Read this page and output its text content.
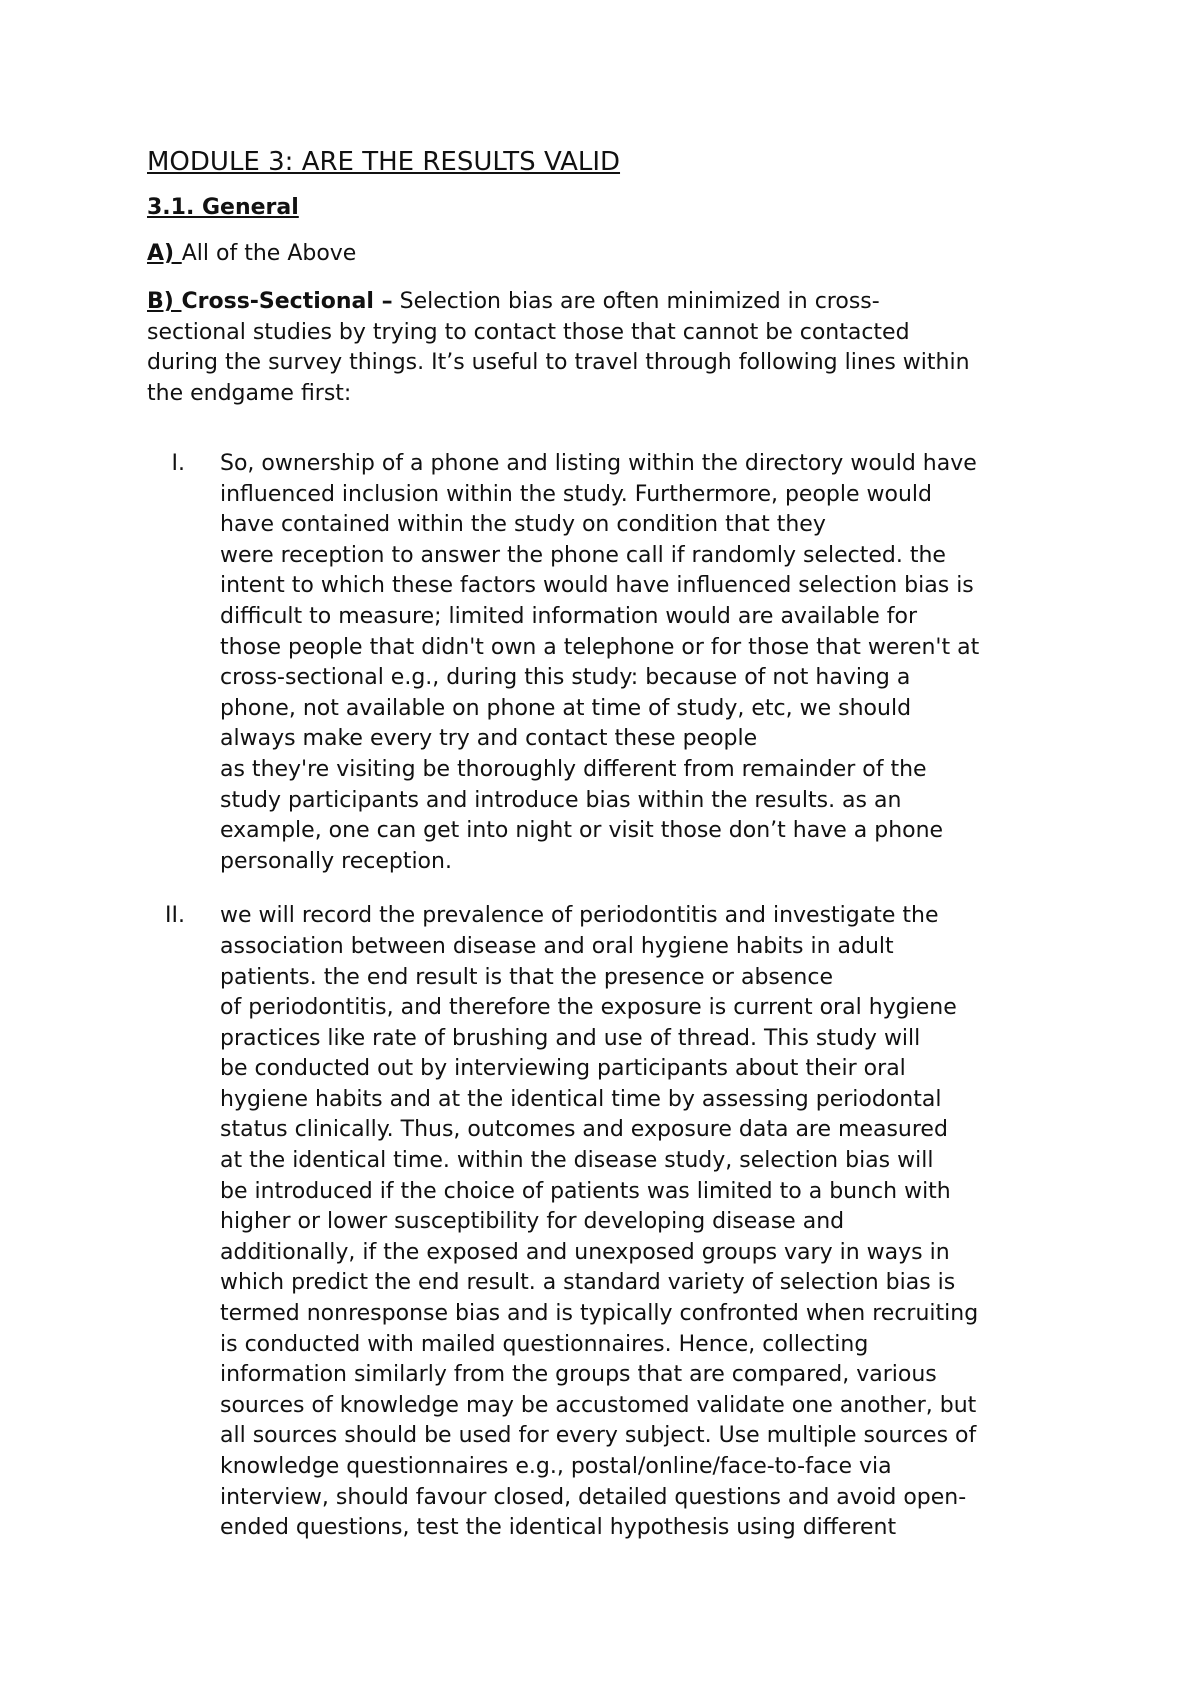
MODULE 3: ARE THE RESULTS VALID

3.1. General

A) All of the Above

B) Cross-Sectional – Selection bias are often minimized in cross-
sectional studies by trying to contact those that cannot be contacted
during the survey things. It’s useful to travel through following lines within
the endgame first:
I. So, ownership of a phone and listing within the directory would have
influenced inclusion within the study. Furthermore, people would
have contained within the study on condition that they
were reception to answer the phone call if randomly selected. the
intent to which these factors would have influenced selection bias is
difficult to measure; limited information would are available for
those people that didn't own a telephone or for those that weren't at
cross-sectional e.g., during this study: because of not having a
phone, not available on phone at time of study, etc, we should
always make every try and contact these people
as they're visiting be thoroughly different from remainder of the
study participants and introduce bias within the results. as an
example, one can get into night or visit those don’t have a phone
personally reception.
II. we will record the prevalence of periodontitis and investigate the
association between disease and oral hygiene habits in adult
patients. the end result is that the presence or absence
of periodontitis, and therefore the exposure is current oral hygiene
practices like rate of brushing and use of thread. This study will
be conducted out by interviewing participants about their oral
hygiene habits and at the identical time by assessing periodontal
status clinically. Thus, outcomes and exposure data are measured
at the identical time. within the disease study, selection bias will
be introduced if the choice of patients was limited to a bunch with
higher or lower susceptibility for developing disease and
additionally, if the exposed and unexposed groups vary in ways in
which predict the end result. a standard variety of selection bias is
termed nonresponse bias and is typically confronted when recruiting
is conducted with mailed questionnaires. Hence, collecting
information similarly from the groups that are compared, various
sources of knowledge may be accustomed validate one another, but
all sources should be used for every subject. Use multiple sources of
knowledge questionnaires e.g., postal/online/face-to-face via
interview, should favour closed, detailed questions and avoid open-
ended questions, test the identical hypothesis using different
